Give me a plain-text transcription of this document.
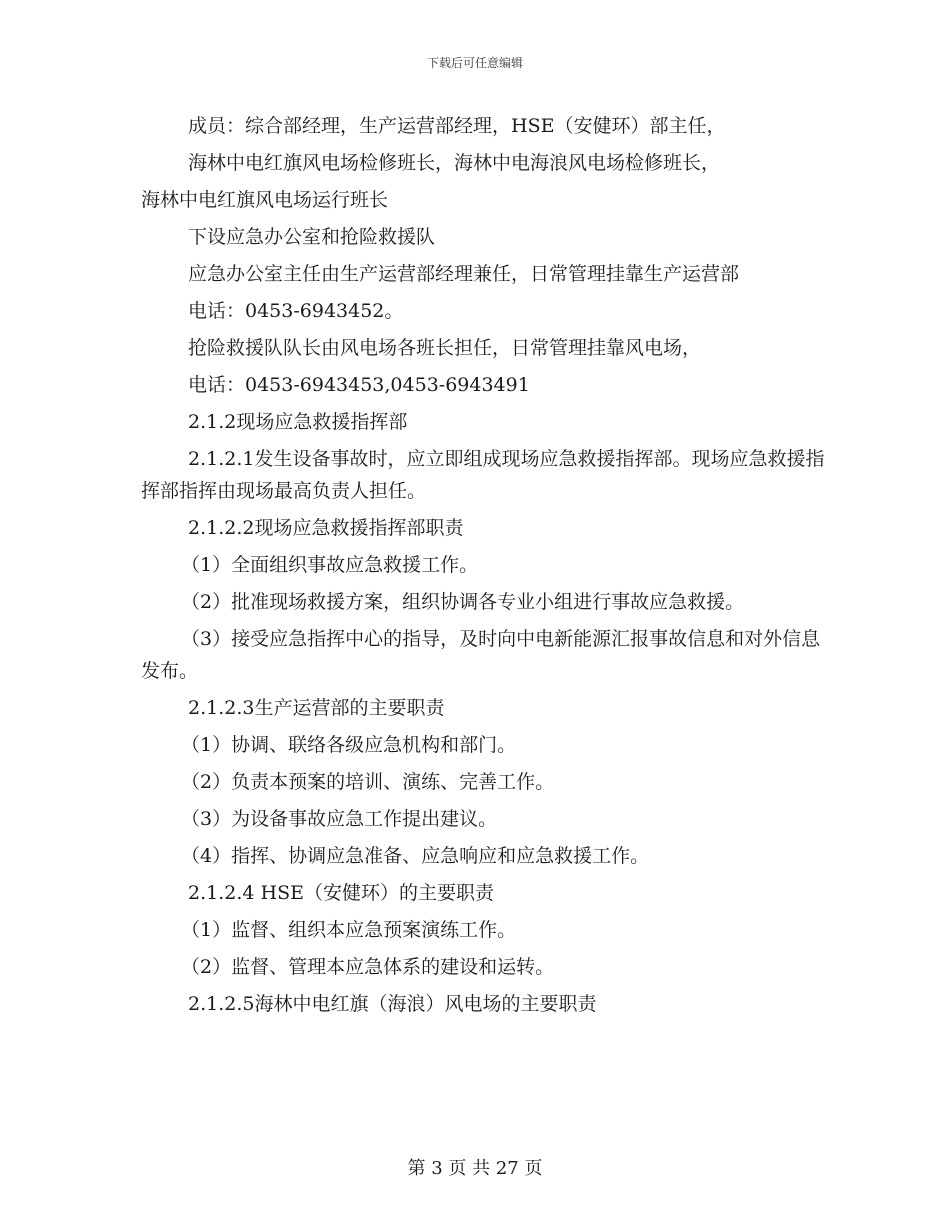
下载后可任意编辑

成员：综合部经理，生产运营部经理，HSE（安健环）部主任，

海林中电红旗风电场检修班长，海林中电海浪风电场检修班长，

海林中电红旗风电场运行班长

下设应急办公室和抢险救援队

应急办公室主任由生产运营部经理兼任，日常管理挂靠生产运营部

电话：0453-6943452。

抢险救援队队长由风电场各班长担任，日常管理挂靠风电场，

电话：0453-6943453,0453-6943491

2.1.2现场应急救援指挥部

2.1.2.1发生设备事故时，应立即组成现场应急救援指挥部。现场应急救援指挥部指挥由现场最高负责人担任。

2.1.2.2现场应急救援指挥部职责

（1）全面组织事故应急救援工作。

（2）批准现场救援方案，组织协调各专业小组进行事故应急救援。

（3）接受应急指挥中心的指导，及时向中电新能源汇报事故信息和对外信息发布。

2.1.2.3生产运营部的主要职责

（1）协调、联络各级应急机构和部门。

（2）负责本预案的培训、演练、完善工作。

（3）为设备事故应急工作提出建议。

（4）指挥、协调应急准备、应急响应和应急救援工作。

2.1.2.4 HSE（安健环）的主要职责

（1）监督、组织本应急预案演练工作。

（2）监督、管理本应急体系的建设和运转。

2.1.2.5海林中电红旗（海浪）风电场的主要职责

第 3 页 共 27 页
